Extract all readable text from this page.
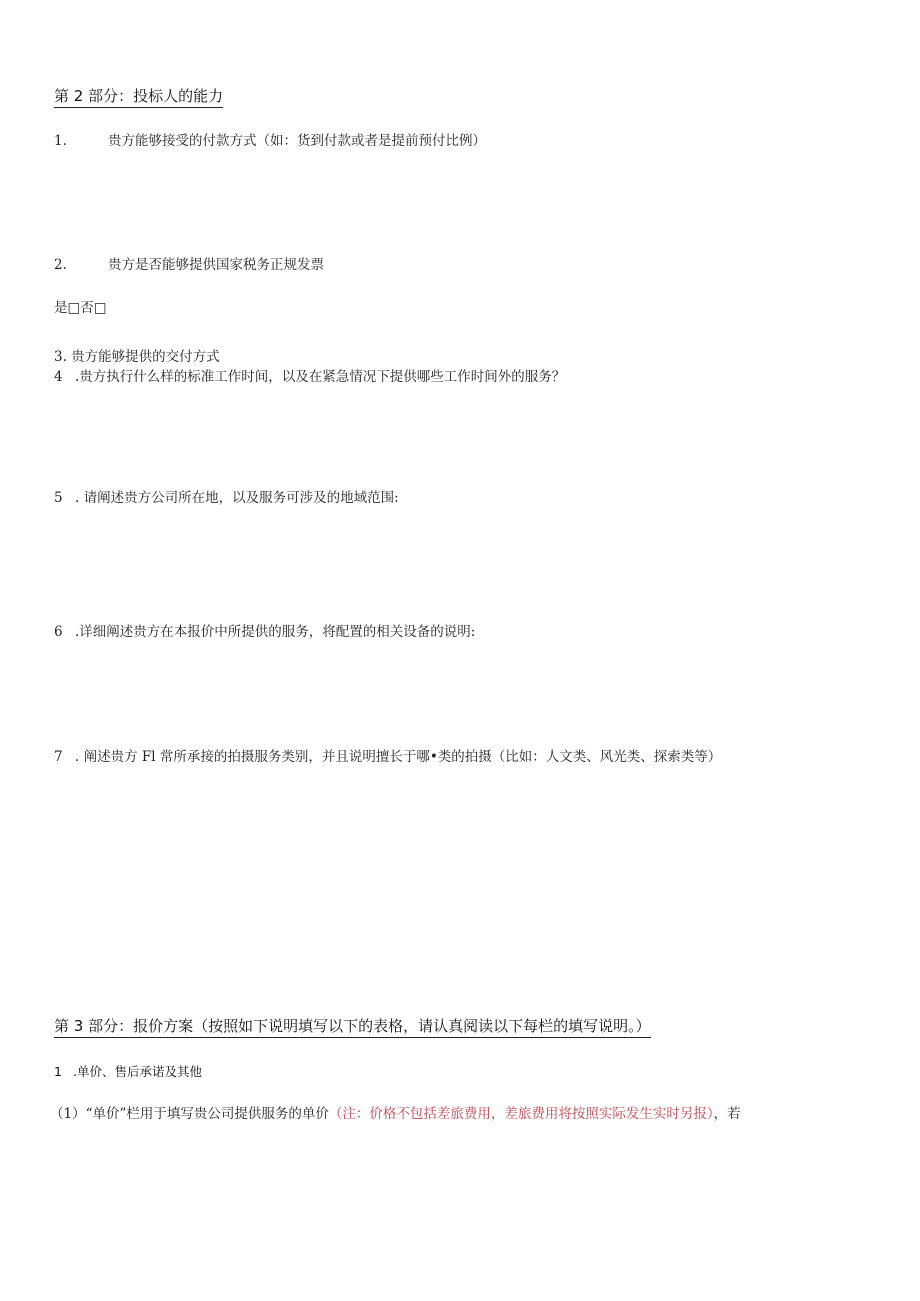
第 2 部分：投标人的能力
1.	贵方能够接受的付款方式（如：货到付款或者是提前预付比例）
2.	贵方是否能够提供国家税务正规发票
是□否□
3. 贵方能够提供的交付方式
4 .贵方执行什么样的标准工作时间，以及在紧急情况下提供哪些工作时间外的服务？
5 . 请阐述贵方公司所在地，以及服务可涉及的地域范围:
6 .详细阐述贵方在本报价中所提供的服务，将配置的相关设备的说明:
7 . 阐述贵方 Fl 常所承接的拍摄服务类别，并且说明擅长于哪•类的拍摄（比如：人文类、风光类、探索类等）
第 3 部分：报价方案（按照如下说明填写以下的表格，请认真阅读以下每栏的填写说明。）
1 .单价、售后承诺及其他
（1）“单价”栏用于填写贵公司提供服务的单价（注：价格不包括差旅费用，差旅费用将按照实际发生实时另报），若
